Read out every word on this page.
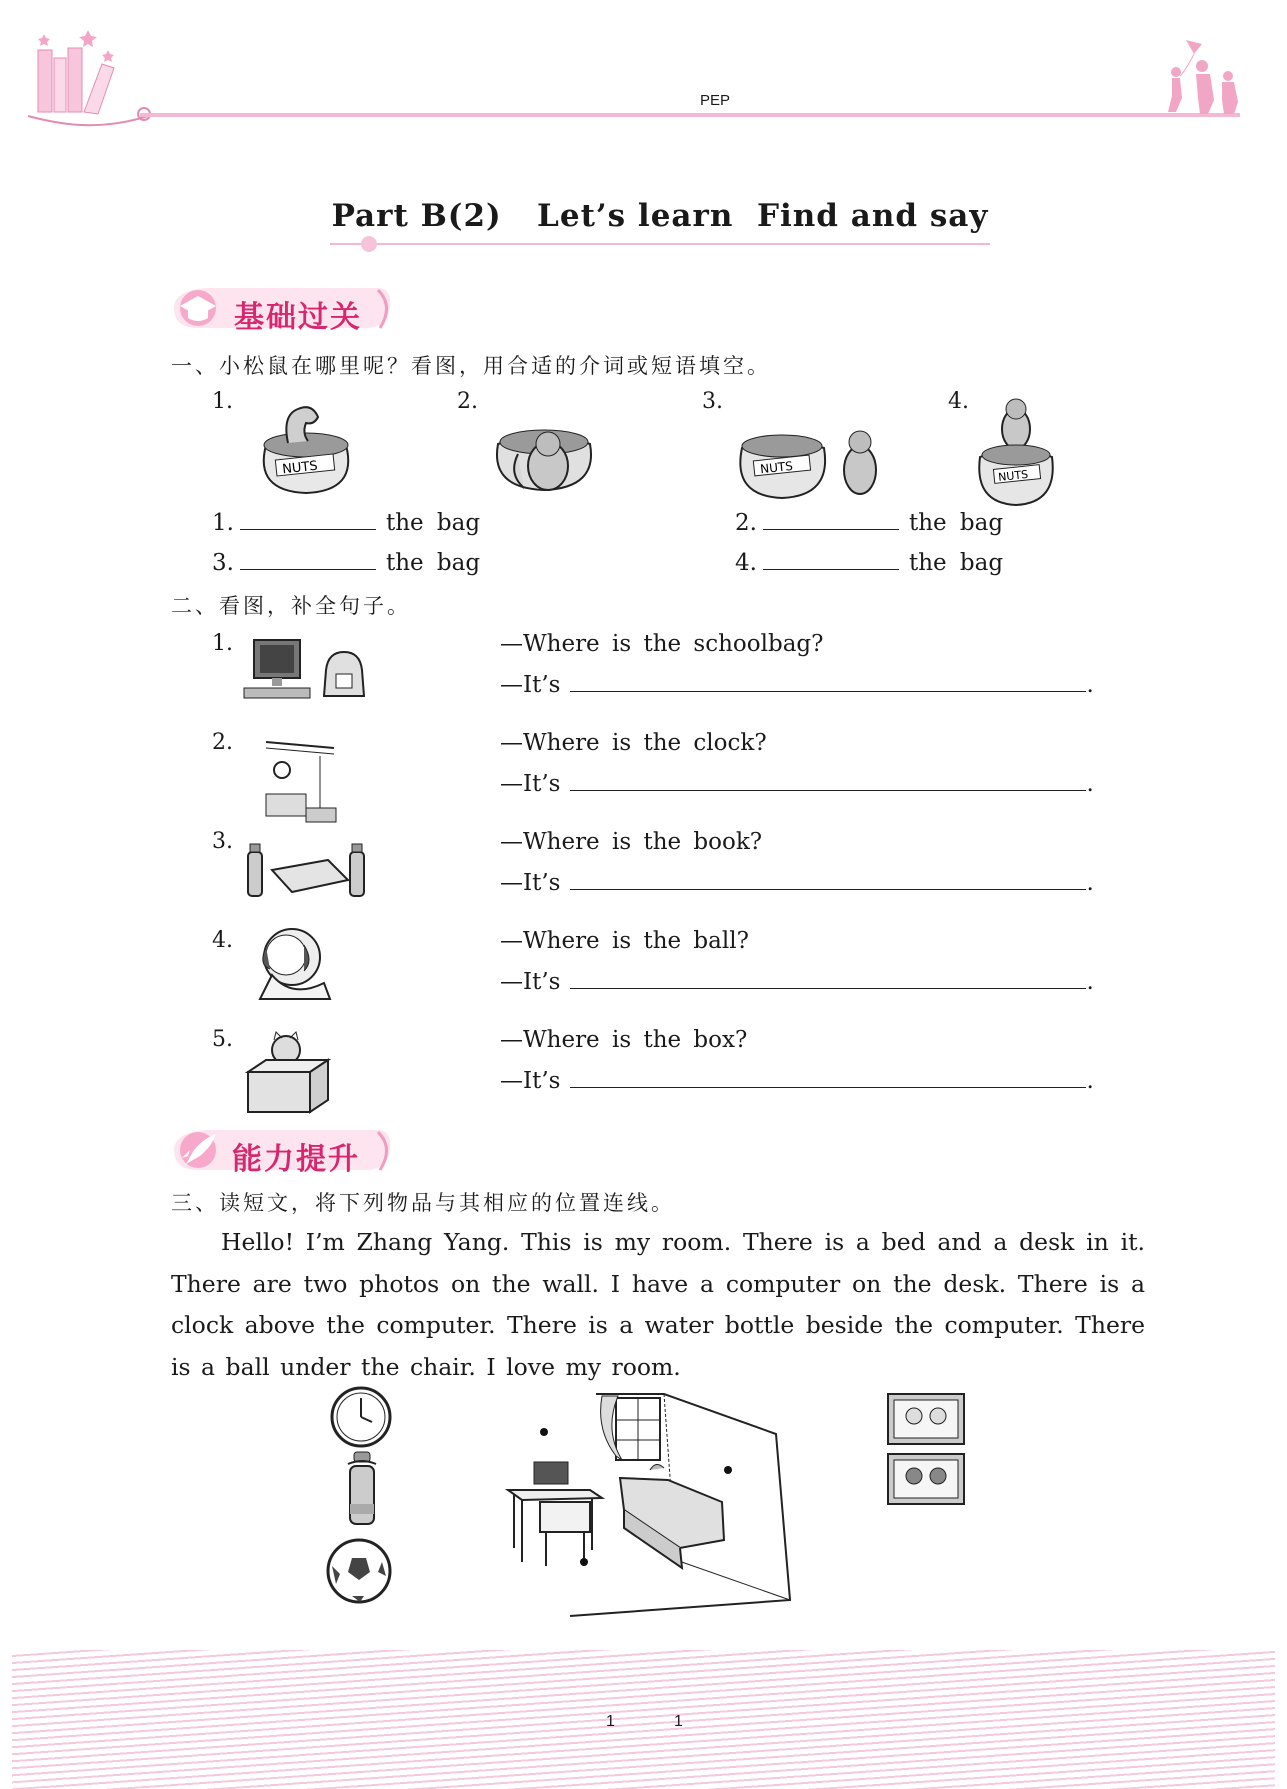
PEP
Part B(2)   Let’s learn  Find and say
基础过关
一、小松鼠在哪里呢？看图，用合适的介词或短语填空。
1.	2.	3.	4.
NUTS	NUTS	NUTS
1.	the bag	2.	the bag
3.	the bag	4.	the bag
二、看图，补全句子。
1.	—Where is the schoolbag?
—It’s	.
2.	—Where is the clock?
—It’s	.
3.	—Where is the book?
—It’s	.
4.	—Where is the ball?
—It’s	.
5.	—Where is the box?
—It’s	.
能力提升
三、读短文，将下列物品与其相应的位置连线。
Hello! I’m Zhang Yang. This is my room. There is a bed and a desk in it. There are two photos on the wall. I have a computer on the desk. There is a clock above the computer. There is a water bottle beside the computer. There is a ball under the chair. I love my room.
1	1
